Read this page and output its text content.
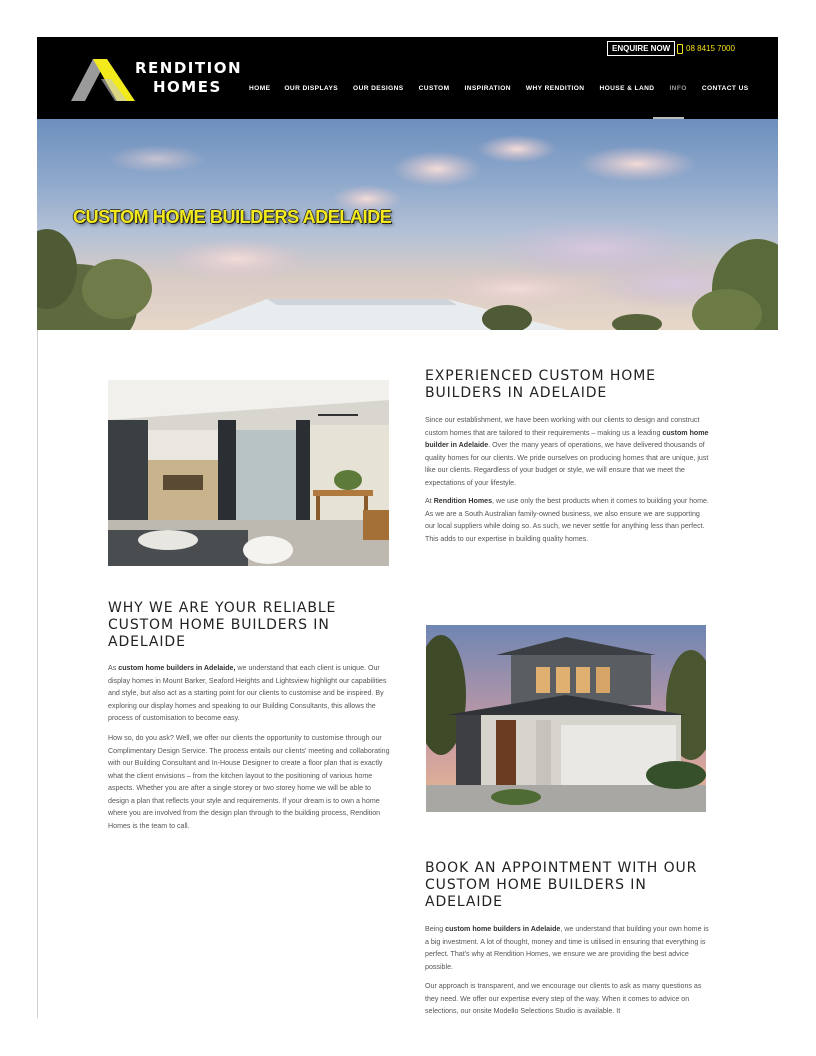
RENDITION
HOMES
ENQUIRE NOW	08 8415 7000
HOME OUR DISPLAYS OUR DESIGNS CUSTOM INSPIRATION WHY RENDITION HOUSE & LAND INFO CONTACT US
CUSTOM HOME BUILDERS ADELAIDE
EXPERIENCED CUSTOM HOME
BUILDERS IN ADELAIDE

Since our establishment, we have been working with our clients to design and construct custom homes that are tailored to their requirements – making us a leading custom home builder in Adelaide. Over the many years of operations, we have delivered thousands of quality homes for our clients. We pride ourselves on producing homes that are unique, just like our clients. Regardless of your budget or style, we will ensure that we meet the expectations of your lifestyle.

At Rendition Homes, we use only the best products when it comes to building your home. As we are a South Australian family-owned business, we also ensure we are supporting our local suppliers while doing so. As such, we never settle for anything less than perfect. This adds to our expertise in building quality homes.

WHY WE ARE YOUR RELIABLE
CUSTOM HOME BUILDERS IN
ADELAIDE

As custom home builders in Adelaide, we understand that each client is unique. Our display homes in Mount Barker, Seaford Heights and Lightsview highlight our capabilities and style, but also act as a starting point for our clients to customise and be inspired. By exploring our display homes and speaking to our Building Consultants, this allows the process of customisation to become easy.

How so, do you ask? Well, we offer our clients the opportunity to customise through our Complimentary Design Service. The process entails our clients' meeting and collaborating with our Building Consultant and In-House Designer to create a floor plan that is exactly what the client envisions – from the kitchen layout to the positioning of various home aspects. Whether you are after a single storey or two storey home we will be able to design a plan that reflects your style and requirements. If your dream is to own a home where you are involved from the design plan through to the building process, Rendition Homes is the team to call.

BOOK AN APPOINTMENT WITH OUR
CUSTOM HOME BUILDERS IN
ADELAIDE

Being custom home builders in Adelaide, we understand that building your own home is a big investment. A lot of thought, money and time is utilised in ensuring that everything is perfect. That's why at Rendition Homes, we ensure we are providing the best advice possible.

Our approach is transparent, and we encourage our clients to ask as many questions as they need. We offer our expertise every step of the way. When it comes to advice on selections, our onsite Modello Selections Studio is available. It
